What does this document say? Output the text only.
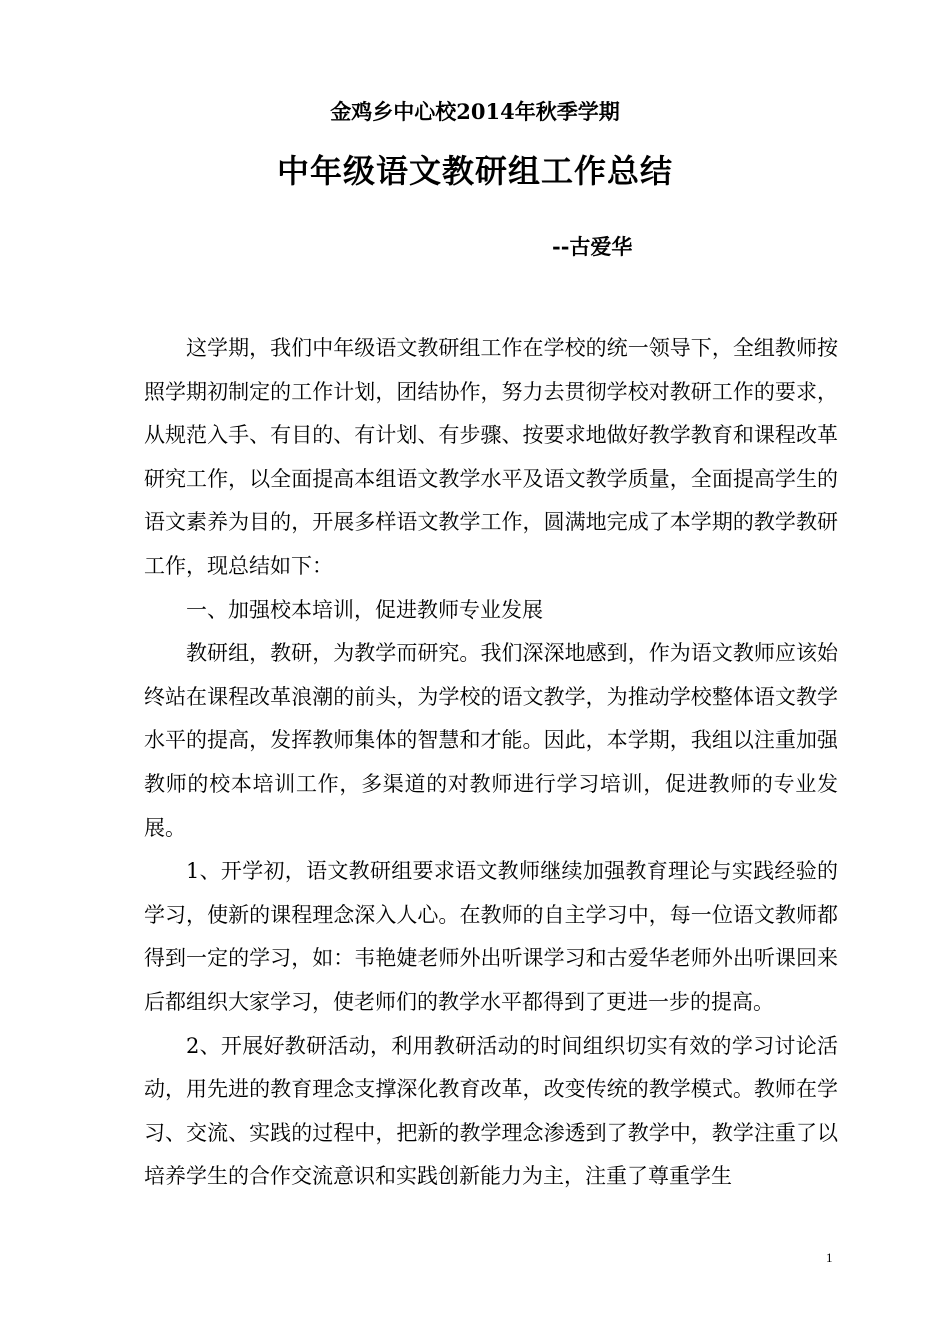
金鸡乡中心校2014年秋季学期
中年级语文教研组工作总结
--古爱华

这学期，我们中年级语文教研组工作在学校的统一领导下，全组教师按照学期初制定的工作计划，团结协作，努力去贯彻学校对教研工作的要求，从规范入手、有目的、有计划、有步骤、按要求地做好教学教育和课程改革研究工作，以全面提高本组语文教学水平及语文教学质量，全面提高学生的语文素养为目的，开展多样语文教学工作，圆满地完成了本学期的教学教研工作，现总结如下：

一、加强校本培训，促进教师专业发展

教研组，教研，为教学而研究。我们深深地感到，作为语文教师应该始终站在课程改革浪潮的前头，为学校的语文教学，为推动学校整体语文教学水平的提高，发挥教师集体的智慧和才能。因此，本学期，我组以注重加强教师的校本培训工作，多渠道的对教师进行学习培训，促进教师的专业发展。

1、开学初，语文教研组要求语文教师继续加强教育理论与实践经验的学习，使新的课程理念深入人心。在教师的自主学习中，每一位语文教师都得到一定的学习，如：韦艳婕老师外出听课学习和古爱华老师外出听课回来后都组织大家学习，使老师们的教学水平都得到了更进一步的提高。

2、开展好教研活动，利用教研活动的时间组织切实有效的学习讨论活动，用先进的教育理念支撑深化教育改革，改变传统的教学模式。教师在学习、交流、实践的过程中，把新的教学理念渗透到了教学中，教学注重了以培养学生的合作交流意识和实践创新能力为主，注重了尊重学生

1
